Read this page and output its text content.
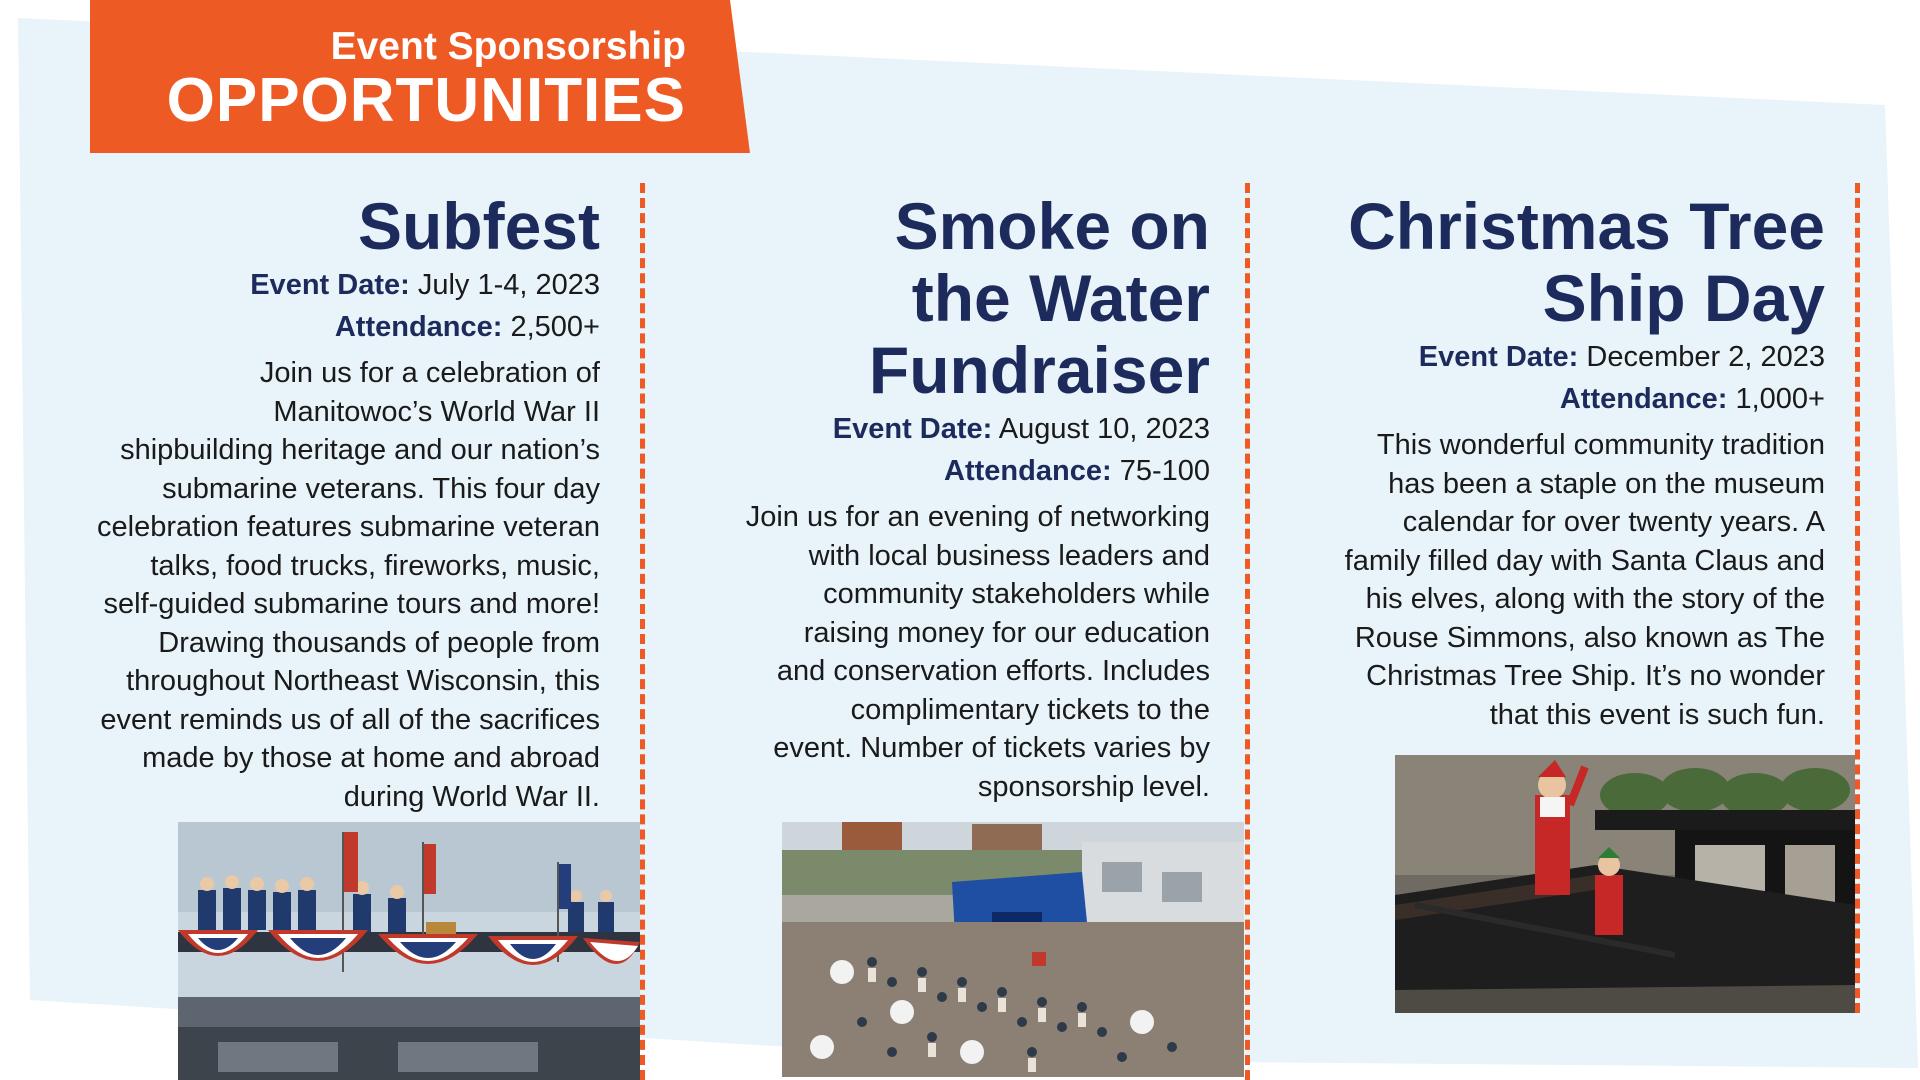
Event Sponsorship
OPPORTUNITIES
Subfest
Event Date: July 1-4, 2023
Attendance: 2,500+
Join us for a celebration of
Manitowoc’s World War II
shipbuilding heritage and our nation’s
submarine veterans. This four day
celebration features submarine veteran
talks, food trucks, fireworks, music,
self-guided submarine tours and more!
Drawing thousands of people from
throughout Northeast Wisconsin, this
event reminds us of all of the sacrifices
made by those at home and abroad
during World War II.
Smoke on
the Water
Fundraiser
Event Date: August 10, 2023
Attendance: 75-100
Join us for an evening of networking
with local business leaders and
community stakeholders while
raising money for our education
and conservation efforts. Includes
complimentary tickets to the
event. Number of tickets varies by
sponsorship level.
Christmas Tree
Ship Day
Event Date: December 2, 2023
Attendance: 1,000+
This wonderful community tradition
has been a staple on the museum
calendar for over twenty years. A
family filled day with Santa Claus and
his elves, along with the story of the
Rouse Simmons, also known as The
Christmas Tree Ship. It’s no wonder
that this event is such fun.
